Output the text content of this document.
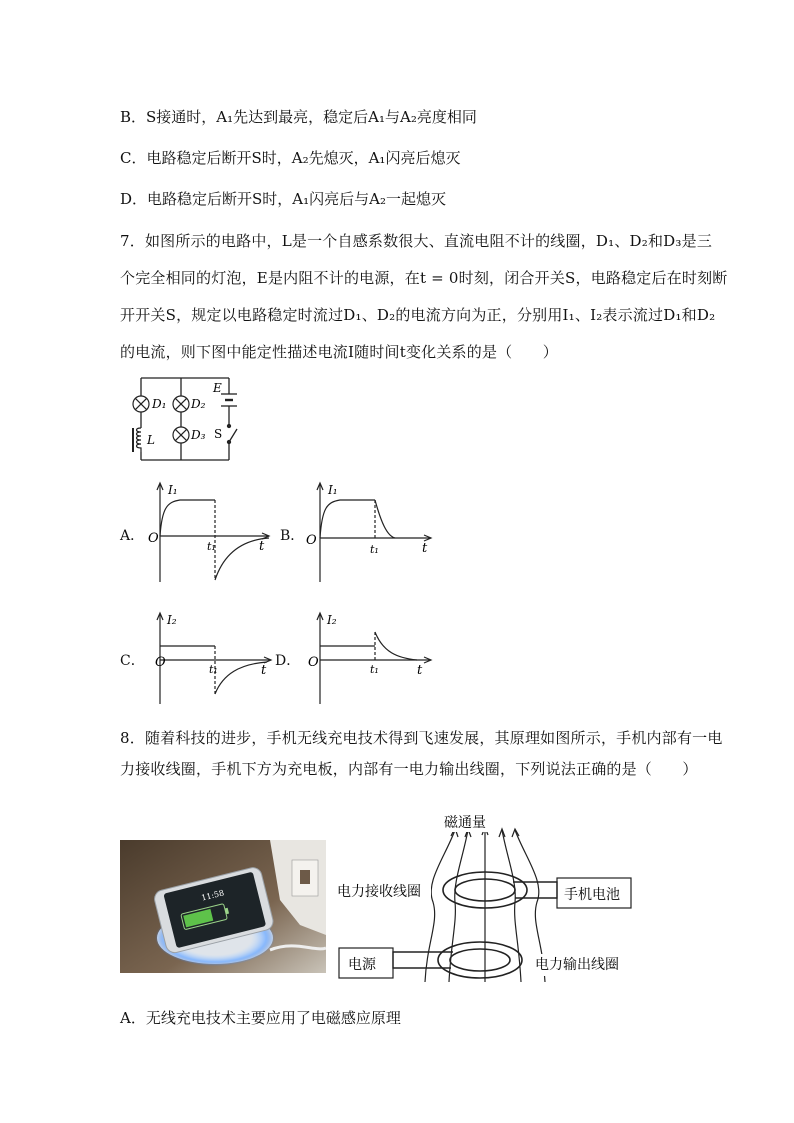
B．S接通时，A₁先达到最亮，稳定后A₁与A₂亮度相同
C．电路稳定后断开S时，A₂先熄灭，A₁闪亮后熄灭
D．电路稳定后断开S时，A₁闪亮后与A₂一起熄灭
7．如图所示的电路中，L是一个自感系数很大、直流电阻不计的线圈，D₁、D₂和D₃是三
个完全相同的灯泡，E是内阻不计的电源，在t = 0时刻，闭合开关S，电路稳定后在时刻断
开开关S，规定以电路稳定时流过D₁、D₂的电流方向为正，分别用I₁、I₂表示流过D₁和D₂
的电流，则下图中能定性描述电流I随时间t变化关系的是（　　）
D₁ D₂
D₃
L
E
S
A．
I₁
O
t₁	t
B．
I₁
O
t₁	t
C．
I₂
O	t₁	t
D．
I₂
O	t₁	t
8．随着科技的进步，手机无线充电技术得到飞速发展，其原理如图所示，手机内部有一电
力接收线圈，手机下方为充电板，内部有一电力输出线圈，下列说法正确的是（　　）
11:58
磁通量
电力接收线圈	手机电池
电源	电力输出线圈
A．无线充电技术主要应用了电磁感应原理
